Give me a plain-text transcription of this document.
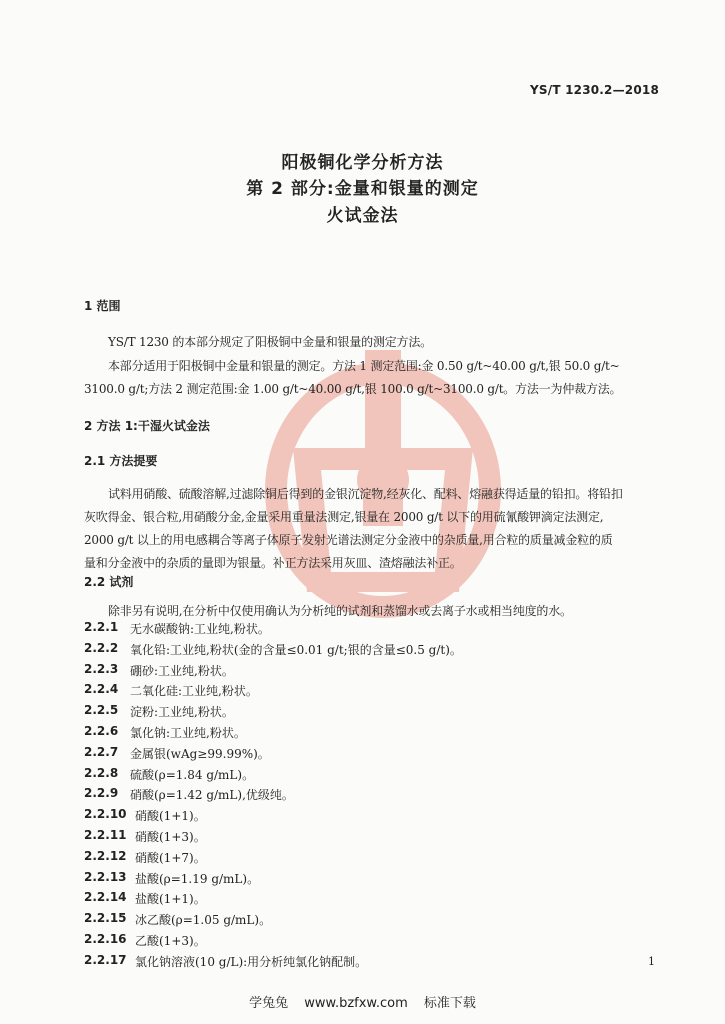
YS/T 1230.2—2018
阳极铜化学分析方法
第 2 部分:金量和银量的测定
火试金法
1 范围
YS/T 1230 的本部分规定了阳极铜中金量和银量的测定方法。
本部分适用于阳极铜中金量和银量的测定。方法 1 测定范围:金 0.50 g/t~40.00 g/t,银 50.0 g/t~
3100.0 g/t;方法 2 测定范围:金 1.00 g/t~40.00 g/t,银 100.0 g/t~3100.0 g/t。方法一为仲裁方法。
2 方法 1:干湿火试金法
2.1 方法提要
试料用硝酸、硫酸溶解,过滤除铜后得到的金银沉淀物,经灰化、配料、熔融获得适量的铅扣。将铅扣
灰吹得金、银合粒,用硝酸分金,金量采用重量法测定,银量在 2000 g/t 以下的用硫氰酸钾滴定法测定,
2000 g/t 以上的用电感耦合等离子体原子发射光谱法测定分金液中的杂质量,用合粒的质量减金粒的质
量和分金液中的杂质的量即为银量。补正方法采用灰皿、渣熔融法补正。
2.2 试剂
除非另有说明,在分析中仅使用确认为分析纯的试剂和蒸馏水或去离子水或相当纯度的水。
2.2.1 无水碳酸钠:工业纯,粉状。
2.2.2 氧化铅:工业纯,粉状(金的含量≤0.01 g/t;银的含量≤0.5 g/t)。
2.2.3 硼砂:工业纯,粉状。
2.2.4 二氧化硅:工业纯,粉状。
2.2.5 淀粉:工业纯,粉状。
2.2.6 氯化钠:工业纯,粉状。
2.2.7 金属银(wAg≥99.99%)。
2.2.8 硫酸(ρ=1.84 g/mL)。
2.2.9 硝酸(ρ=1.42 g/mL),优级纯。
2.2.10 硝酸(1+1)。
2.2.11 硝酸(1+3)。
2.2.12 硝酸(1+7)。
2.2.13 盐酸(ρ=1.19 g/mL)。
2.2.14 盐酸(1+1)。
2.2.15 冰乙酸(ρ=1.05 g/mL)。
2.2.16 乙酸(1+3)。
2.2.17 氯化钠溶液(10 g/L):用分析纯氯化钠配制。	1
学兔兔 www.bzfxw.com 标准下载
